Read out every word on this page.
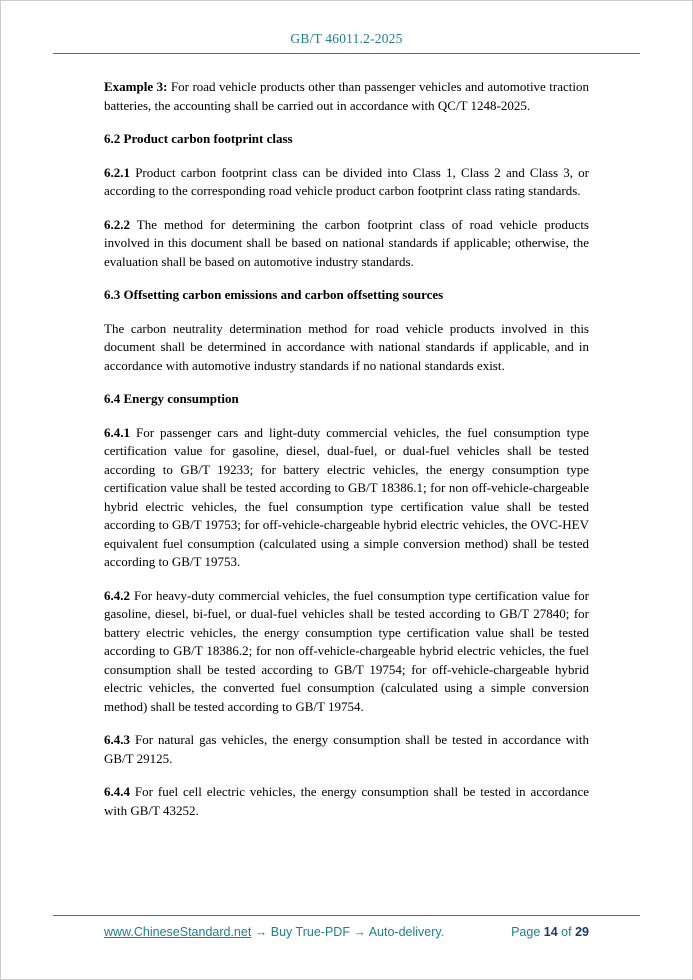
GB/T 46011.2-2025

Example 3: For road vehicle products other than passenger vehicles and automotive traction batteries, the accounting shall be carried out in accordance with QC/T 1248-2025.

6.2 Product carbon footprint class

6.2.1 Product carbon footprint class can be divided into Class 1, Class 2 and Class 3, or according to the corresponding road vehicle product carbon footprint class rating standards.

6.2.2 The method for determining the carbon footprint class of road vehicle products involved in this document shall be based on national standards if applicable; otherwise, the evaluation shall be based on automotive industry standards.

6.3 Offsetting carbon emissions and carbon offsetting sources

The carbon neutrality determination method for road vehicle products involved in this document shall be determined in accordance with national standards if applicable, and in accordance with automotive industry standards if no national standards exist.

6.4 Energy consumption

6.4.1 For passenger cars and light-duty commercial vehicles, the fuel consumption type certification value for gasoline, diesel, dual-fuel, or dual-fuel vehicles shall be tested according to GB/T 19233; for battery electric vehicles, the energy consumption type certification value shall be tested according to GB/T 18386.1; for non off-vehicle-chargeable hybrid electric vehicles, the fuel consumption type certification value shall be tested according to GB/T 19753; for off-vehicle-chargeable hybrid electric vehicles, the OVC-HEV equivalent fuel consumption (calculated using a simple conversion method) shall be tested according to GB/T 19753.

6.4.2 For heavy-duty commercial vehicles, the fuel consumption type certification value for gasoline, diesel, bi-fuel, or dual-fuel vehicles shall be tested according to GB/T 27840; for battery electric vehicles, the energy consumption type certification value shall be tested according to GB/T 18386.2; for non off-vehicle-chargeable hybrid electric vehicles, the fuel consumption shall be tested according to GB/T 19754; for off-vehicle-chargeable hybrid electric vehicles, the converted fuel consumption (calculated using a simple conversion method) shall be tested according to GB/T 19754.

6.4.3 For natural gas vehicles, the energy consumption shall be tested in accordance with GB/T 29125.

6.4.4 For fuel cell electric vehicles, the energy consumption shall be tested in accordance with GB/T 43252.

www.ChineseStandard.net → Buy True-PDF → Auto-delivery.	Page 14 of 29
